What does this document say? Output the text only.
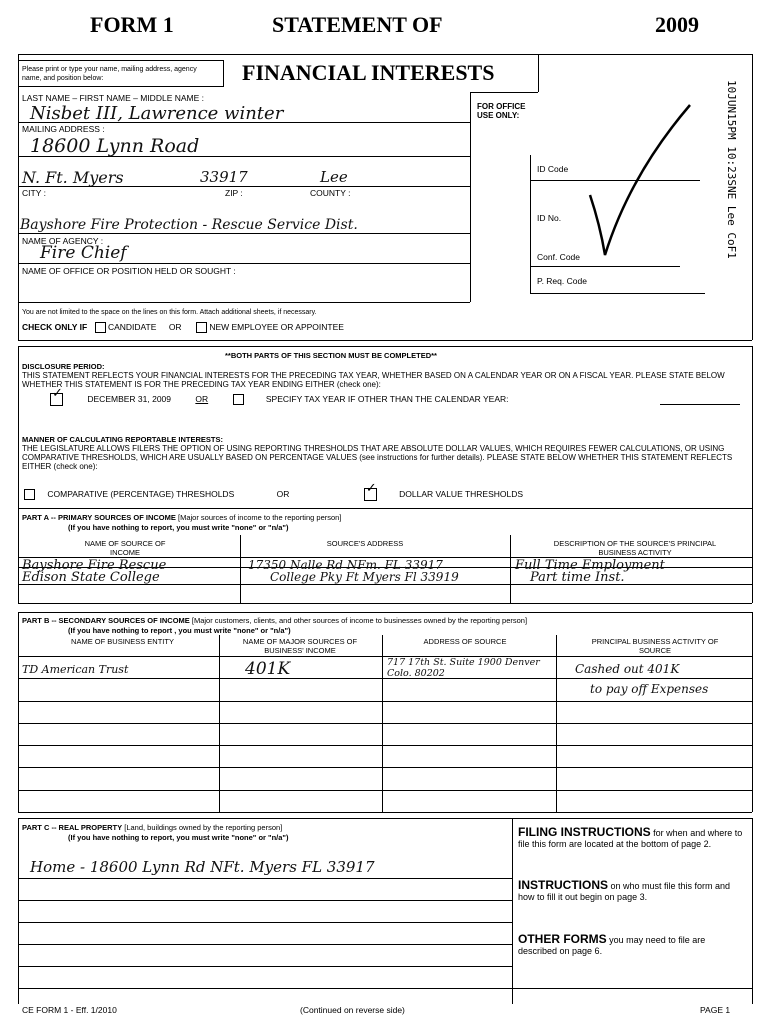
FORM 1	STATEMENT OF	2009
FINANCIAL INTERESTS
Please print or type your name, mailing address, agency name, and position below:
LAST NAME – FIRST NAME – MIDDLE NAME :
Nisbet III, Lawrence winter
MAILING ADDRESS :
18600 Lynn Road
N. Ft. Myers	33917	Lee
CITY :	ZIP :	COUNTY :
Bayshore Fire Protection - Rescue Service Dist.
NAME OF AGENCY :
Fire Chief
NAME OF OFFICE OR POSITION HELD OR SOUGHT :
FOR OFFICE
USE ONLY:
ID Code
ID No.
Conf. Code
P. Req. Code
10JUN15PM 10:23SNE Lee CoF1
You are not limited to the space on the lines on this form. Attach additional sheets, if necessary.
CHECK ONLY IF CANDIDATE OR	NEW EMPLOYEE OR APPOINTEE
**BOTH PARTS OF THIS SECTION MUST BE COMPLETED**
DISCLOSURE PERIOD:
THIS STATEMENT REFLECTS YOUR FINANCIAL INTERESTS FOR THE PRECEDING TAX YEAR, WHETHER BASED ON A CALENDAR YEAR OR ON A FISCAL YEAR. PLEASE STATE BELOW WHETHER THIS STATEMENT IS FOR THE PRECEDING TAX YEAR ENDING EITHER (check one):
✓	DECEMBER 31, 2009	OR	SPECIFY TAX YEAR IF OTHER THAN THE CALENDAR YEAR:
MANNER OF CALCULATING REPORTABLE INTERESTS:
THE LEGISLATURE ALLOWS FILERS THE OPTION OF USING REPORTING THRESHOLDS THAT ARE ABSOLUTE DOLLAR VALUES, WHICH REQUIRES FEWER CALCULATIONS, OR USING COMPARATIVE THRESHOLDS, WHICH ARE USUALLY BASED ON PERCENTAGE VALUES (see instructions for further details). PLEASE STATE BELOW WHETHER THIS STATEMENT REFLECTS EITHER (check one):
COMPARATIVE (PERCENTAGE) THRESHOLDS	OR	✓	DOLLAR VALUE THRESHOLDS
PART A -- PRIMARY SOURCES OF INCOME [Major sources of income to the reporting person]
(If you have nothing to report, you must write "none" or "n/a")
NAME OF SOURCE OF INCOME
SOURCE'S ADDRESS	DESCRIPTION OF THE SOURCE'S PRINCIPAL BUSINESS ACTIVITY
Bayshore Fire Rescue	17350 Nalle Rd NFm. FL 33917	Full Time Employment
Edison State College	College Pky Ft Myers Fl 33919	Part time Inst.
PART B -- SECONDARY SOURCES OF INCOME [Major customers, clients, and other sources of income to businesses owned by the reporting person]
(If you have nothing to report , you must write "none" or "n/a")
NAME OF BUSINESS ENTITY	NAME OF MAJOR SOURCES OF BUSINESS' INCOME
ADDRESS OF SOURCE	PRINCIPAL BUSINESS ACTIVITY OF SOURCE
TD American Trust	401K	717 17th St. Suite 1900 Denver Colo. 80202	Cashed out 401K
to pay off Expenses
PART C -- REAL PROPERTY [Land, buildings owned by the reporting person]
(If you have nothing to report, you must write "none" or "n/a")
Home - 18600 Lynn Rd NFt. Myers FL 33917
FILING INSTRUCTIONS for when and where to file this form are located at the bottom of page 2.
INSTRUCTIONS on who must file this form and how to fill it out begin on page 3.
OTHER FORMS you may need to file are described on page 6.
CE FORM 1 - Eff. 1/2010	(Continued on reverse side)	PAGE 1
